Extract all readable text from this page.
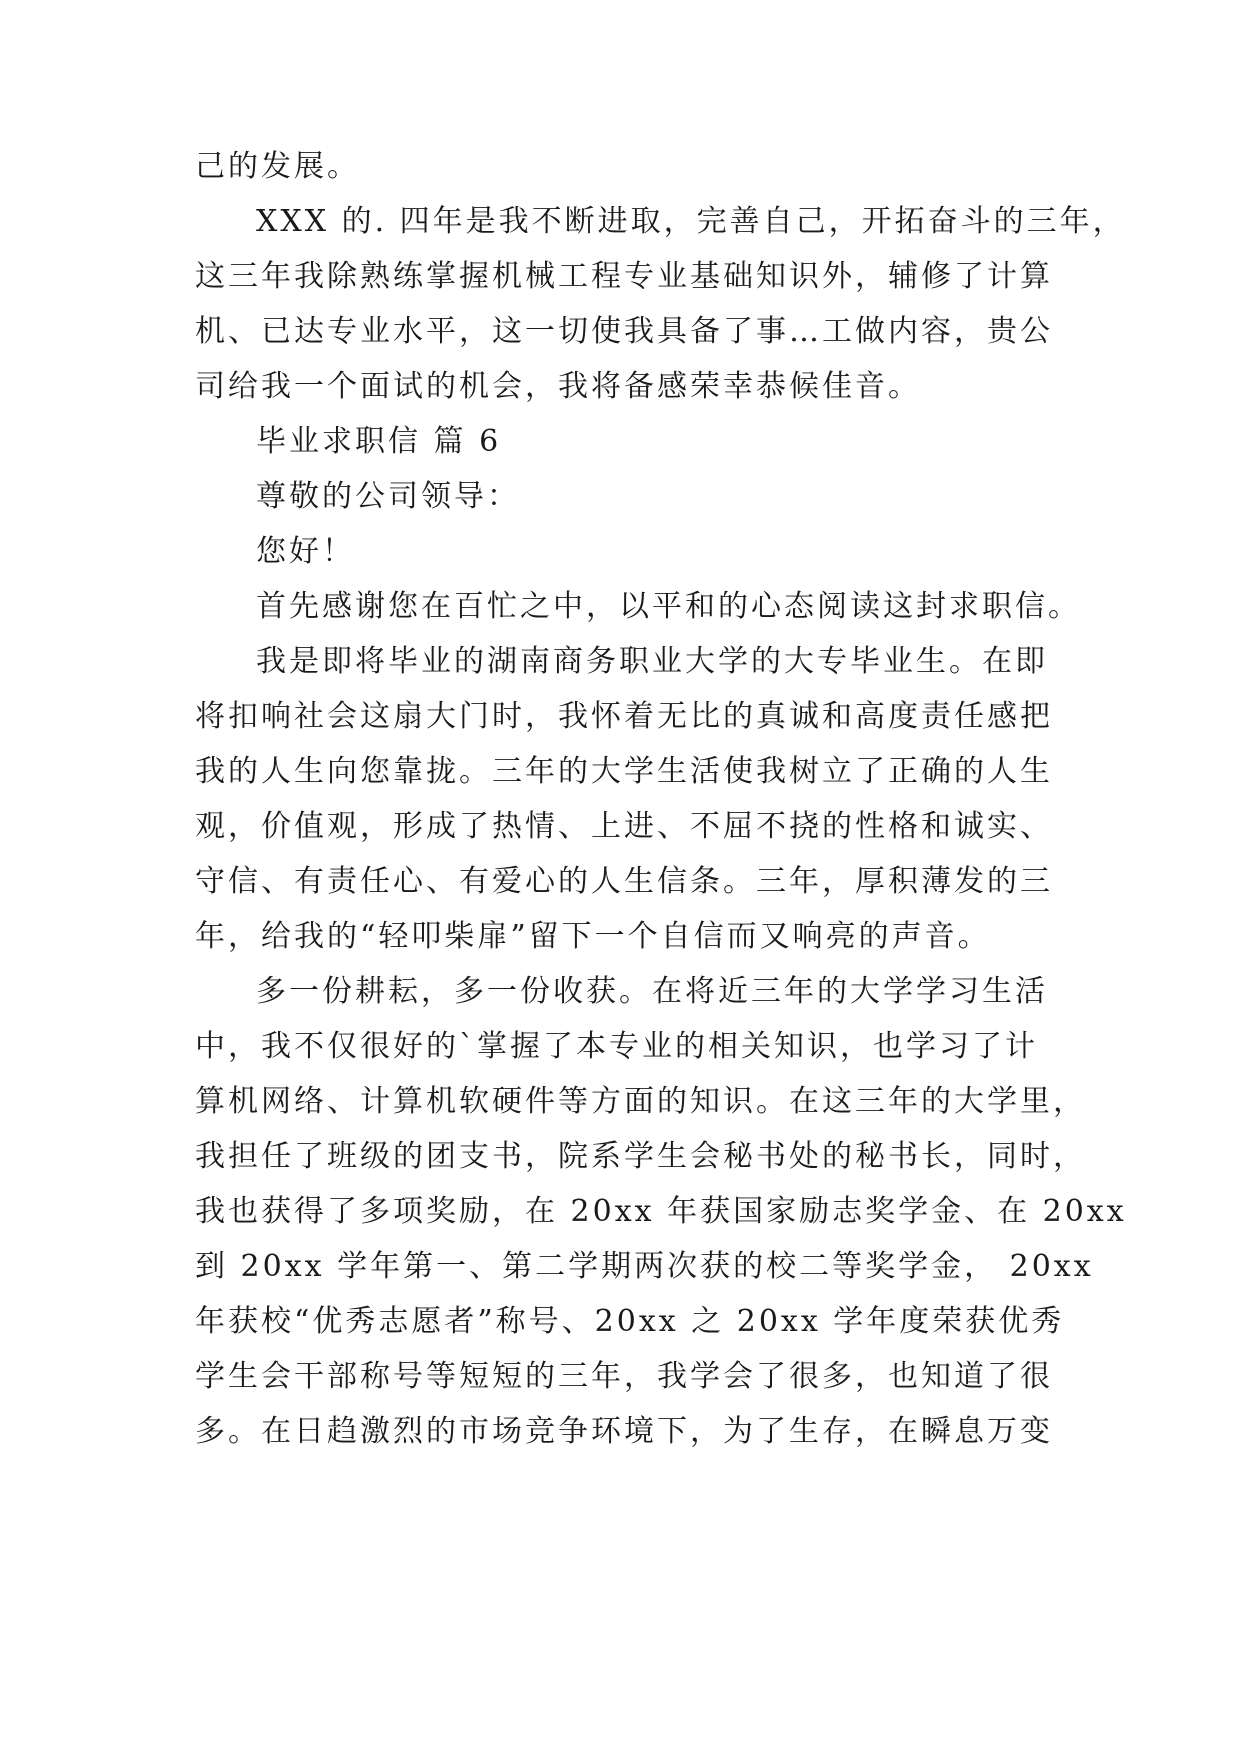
己的发展。
XXX 的. 四年是我不断进取，完善自己，开拓奋斗的三年，
这三年我除熟练掌握机械工程专业基础知识外，辅修了计算
机、已达专业水平，这一切使我具备了事…工做内容，贵公
司给我一个面试的机会，我将备感荣幸恭候佳音。
毕业求职信 篇 6
尊敬的公司领导：
您好！
首先感谢您在百忙之中，以平和的心态阅读这封求职信。
我是即将毕业的湖南商务职业大学的大专毕业生。在即
将扣响社会这扇大门时，我怀着无比的真诚和高度责任感把
我的人生向您靠拢。三年的大学生活使我树立了正确的人生
观，价值观，形成了热情、上进、不屈不挠的性格和诚实、
守信、有责任心、有爱心的人生信条。三年，厚积薄发的三
年，给我的“轻叩柴扉”留下一个自信而又响亮的声音。
多一份耕耘，多一份收获。在将近三年的大学学习生活
中，我不仅很好的`掌握了本专业的相关知识，也学习了计
算机网络、计算机软硬件等方面的知识。在这三年的大学里，
我担任了班级的团支书，院系学生会秘书处的秘书长，同时，
我也获得了多项奖励，在 20xx 年获国家励志奖学金、在 20xx
到 20xx 学年第一、第二学期两次获的校二等奖学金， 20xx
年获校“优秀志愿者”称号、20xx 之 20xx 学年度荣获优秀
学生会干部称号等短短的三年，我学会了很多，也知道了很
多。在日趋激烈的市场竞争环境下，为了生存，在瞬息万变
